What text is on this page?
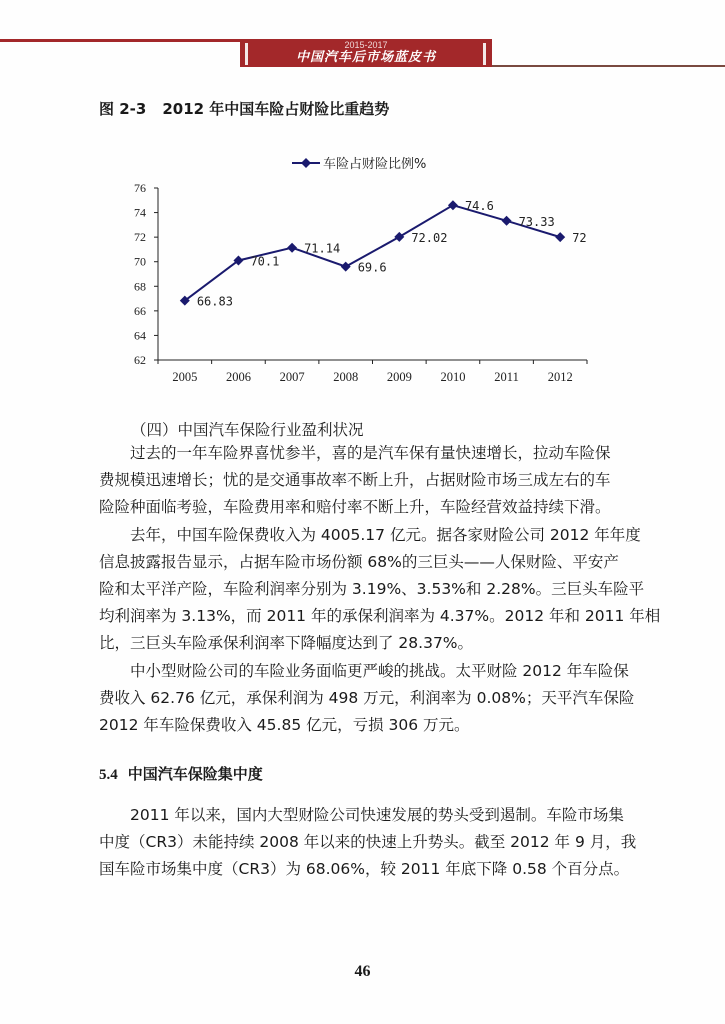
2015-2017
中国汽车后市场蓝皮书
图 2-3 2012 年中国车险占财险比重趋势
车险占财险比例%
62
64
66
68
70
72
74
76
2005 2006 2007 2008 2009 2010 2011 2012
66.83
70.1
71.14
69.6
72.02
74.6
73.33
72
（四）中国汽车保险行业盈利状况
过去的一年车险界喜忧参半，喜的是汽车保有量快速增长，拉动车险保
费规模迅速增长；忧的是交通事故率不断上升，占据财险市场三成左右的车
险险种面临考验，车险费用率和赔付率不断上升，车险经营效益持续下滑。
去年，中国车险保费收入为 4005.17 亿元。据各家财险公司 2012 年年度
信息披露报告显示，占据车险市场份额 68%的三巨头——人保财险、平安产
险和太平洋产险，车险利润率分别为 3.19%、3.53%和 2.28%。三巨头车险平
均利润率为 3.13%，而 2011 年的承保利润率为 4.37%。2012 年和 2011 年相
比，三巨头车险承保利润率下降幅度达到了 28.37%。
中小型财险公司的车险业务面临更严峻的挑战。太平财险 2012 年车险保
费收入 62.76 亿元，承保利润为 498 万元，利润率为 0.08%；天平汽车保险
2012 年车险保费收入 45.85 亿元，亏损 306 万元。
5.4 中国汽车保险集中度
2011 年以来，国内大型财险公司快速发展的势头受到遏制。车险市场集
中度（CR3）未能持续 2008 年以来的快速上升势头。截至 2012 年 9 月，我
国车险市场集中度（CR3）为 68.06%，较 2011 年底下降 0.58 个百分点。
46
